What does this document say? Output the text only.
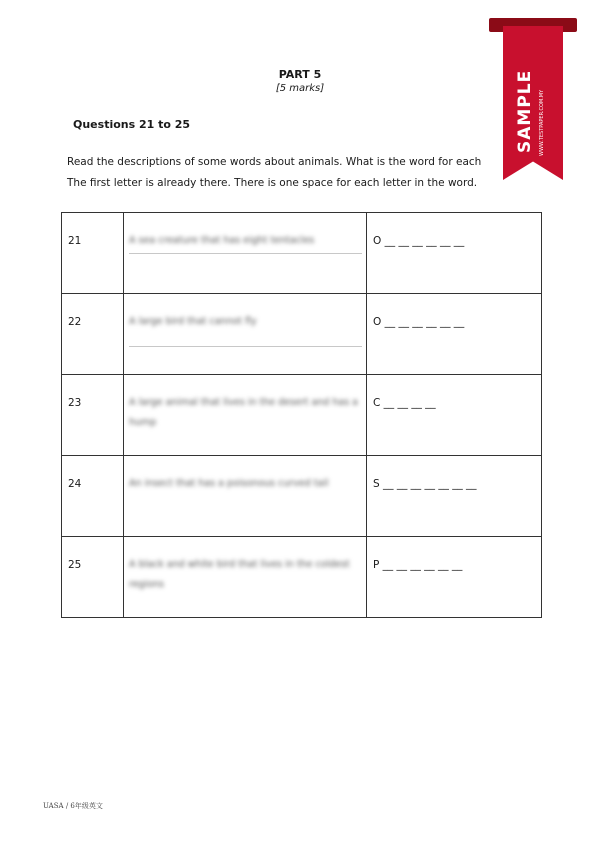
SAMPLE WWW.TESTPAPER.COM.MY
PART 5
[5 marks]
Questions 21 to 25
Read the descriptions of some words about animals. What is the word for each
The first letter is already there. There is one space for each letter in the word.
21	A sea creature that has eight tentacles	O __ __ __ __ __ __
22	A large bird that cannot fly	O __ __ __ __ __ __
23	A large animal that lives in the desert and has a hump	C __ __ __ __
24	An insect that has a poisonous curved tail	S __ __ __ __ __ __ __
25	A black and white bird that lives in the coldest regions	P __ __ __ __ __ __
UASA / 6年级英文
